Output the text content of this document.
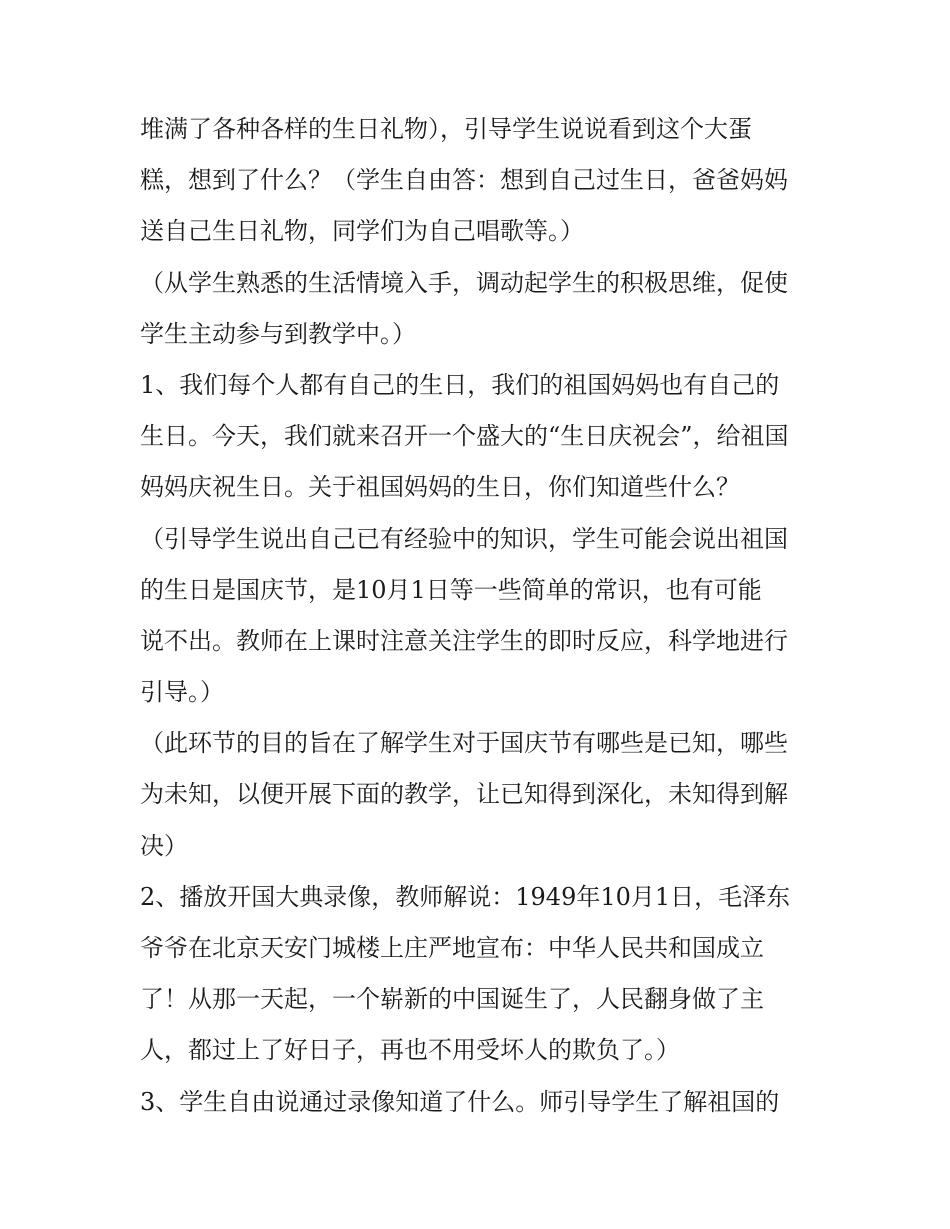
堆满了各种各样的生日礼物），引导学生说说看到这个大蛋
糕，想到了什么？（学生自由答：想到自己过生日，爸爸妈妈
送自己生日礼物，同学们为自己唱歌等。）
（从学生熟悉的生活情境入手，调动起学生的积极思维，促使
学生主动参与到教学中。）
1、我们每个人都有自己的生日，我们的祖国妈妈也有自己的
生日。今天，我们就来召开一个盛大的“生日庆祝会”，给祖国
妈妈庆祝生日。关于祖国妈妈的生日，你们知道些什么？
（引导学生说出自己已有经验中的知识，学生可能会说出祖国
的生日是国庆节，是10月1日等一些简单的常识，也有可能
说不出。教师在上课时注意关注学生的即时反应，科学地进行
引导。）
（此环节的目的旨在了解学生对于国庆节有哪些是已知，哪些
为未知，以便开展下面的教学，让已知得到深化，未知得到解
决）
2、播放开国大典录像，教师解说：1949年10月1日，毛泽东
爷爷在北京天安门城楼上庄严地宣布：中华人民共和国成立
了！从那一天起，一个崭新的中国诞生了，人民翻身做了主
人，都过上了好日子，再也不用受坏人的欺负了。）
3、学生自由说通过录像知道了什么。师引导学生了解祖国的
